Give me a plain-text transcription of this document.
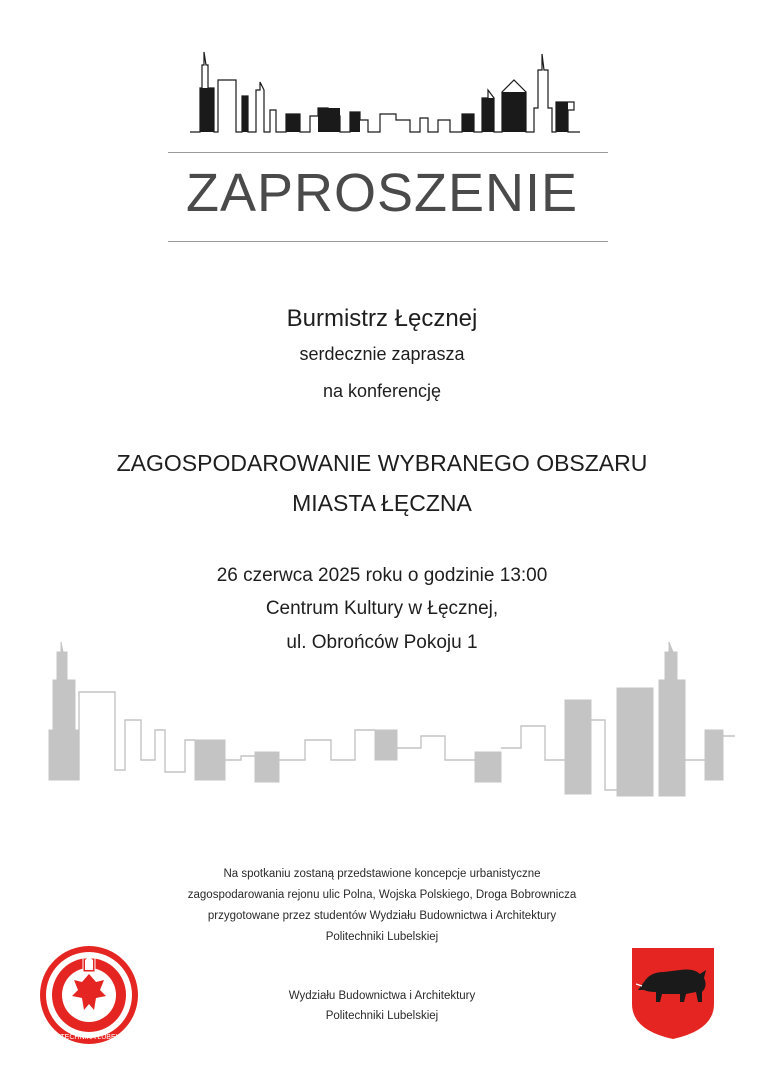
ZAPROSZENIE
Burmistrz Łęcznej
serdecznie zaprasza
na konferencję
ZAGOSPODAROWANIE WYBRANEGO OBSZARU
MIASTA ŁĘCZNA
26 czerwca 2025 roku o godzinie 13:00
Centrum Kultury w Łęcznej,
ul. Obrońców Pokoju 1
Na spotkaniu zostaną przedstawione koncepcje urbanistyczne
zagospodarowania rejonu ulic Polna, Wojska Polskiego, Droga Bobrownicza
przygotowane przez studentów Wydziału Budownictwa i Architektury
Politechniki Lubelskiej
Wydziału Budownictwa i Architektury
Politechniki Lubelskiej
POLITECHNIKA LUBELSKA
